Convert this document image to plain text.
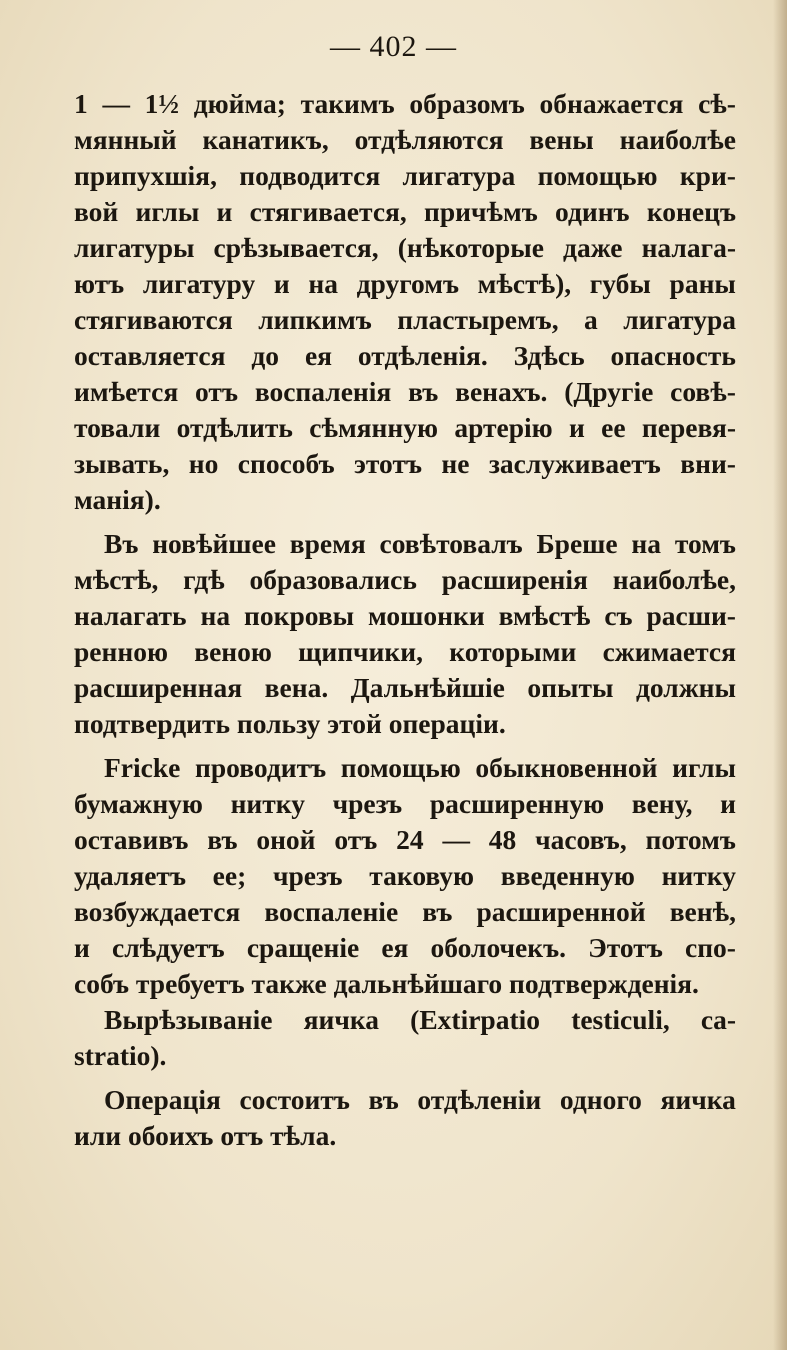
— 402 —
1 — 1½ дюйма; такимъ образомъ обнажается сѣ-
мянный канатикъ, отдѣляются вены наиболѣе
припухшія, подводится лигатура помощью кри-
вой иглы и стягивается, причѣмъ одинъ конецъ
лигатуры срѣзывается, (нѣкоторые даже налага-
ютъ лигатуру и на другомъ мѣстѣ), губы раны
стягиваются липкимъ пластыремъ, а лигатура
оставляется до ея отдѣленія. Здѣсь опасность
имѣется отъ воспаленія въ венахъ. (Другіе совѣ-
товали отдѣлить сѣмянную артерію и ее перевя-
зывать, но способъ этотъ не заслуживаетъ вни-
манія).
Въ новѣйшее время совѣтовалъ Бреше на томъ
мѣстѣ, гдѣ образовались расширенія наиболѣе,
налагать на покровы мошонки вмѣстѣ съ расши-
ренною веною щипчики, которыми сжимается
расширенная вена. Дальнѣйшіе опыты должны
подтвердить пользу этой операціи.
Fricke проводитъ помощью обыкновенной иглы
бумажную нитку чрезъ расширенную вену, и
оставивъ въ оной отъ 24 — 48 часовъ, потомъ
удаляетъ ее; чрезъ таковую введенную нитку
возбуждается воспаленіе въ расширенной венѣ,
и слѣдуетъ сращеніе ея оболочекъ. Этотъ спо-
собъ требуетъ также дальнѣйшаго подтвержденія.
Вырѣзываніе яичка (Extirpatio testiculi, ca-
stratio).
Операція состоитъ въ отдѣленіи одного яичка
или обоихъ отъ тѣла.
